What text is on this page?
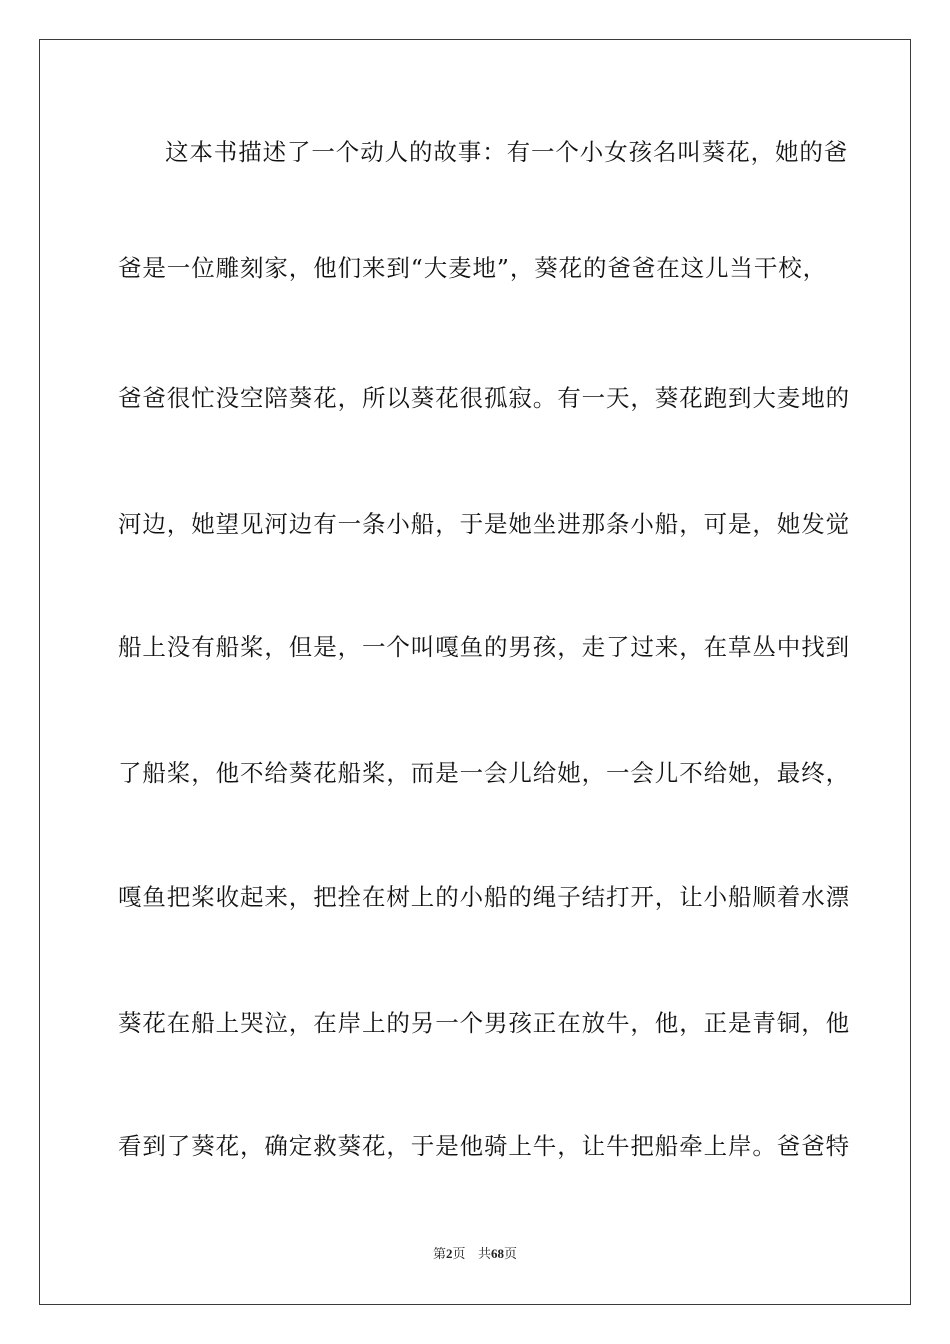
这本书描述了一个动人的故事：有一个小女孩名叫葵花，她的爸
爸是一位雕刻家，他们来到“大麦地”，葵花的爸爸在这儿当干校，
爸爸很忙没空陪葵花，所以葵花很孤寂。有一天，葵花跑到大麦地的
河边，她望见河边有一条小船，于是她坐进那条小船，可是，她发觉
船上没有船桨，但是，一个叫嘎鱼的男孩，走了过来，在草丛中找到
了船桨，他不给葵花船桨，而是一会儿给她，一会儿不给她，最终，
嘎鱼把桨收起来，把拴在树上的小船的绳子结打开，让小船顺着水漂
葵花在船上哭泣，在岸上的另一个男孩正在放牛，他，正是青铜，他
看到了葵花，确定救葵花，于是他骑上牛，让牛把船牵上岸。爸爸特
第2页 共68页
